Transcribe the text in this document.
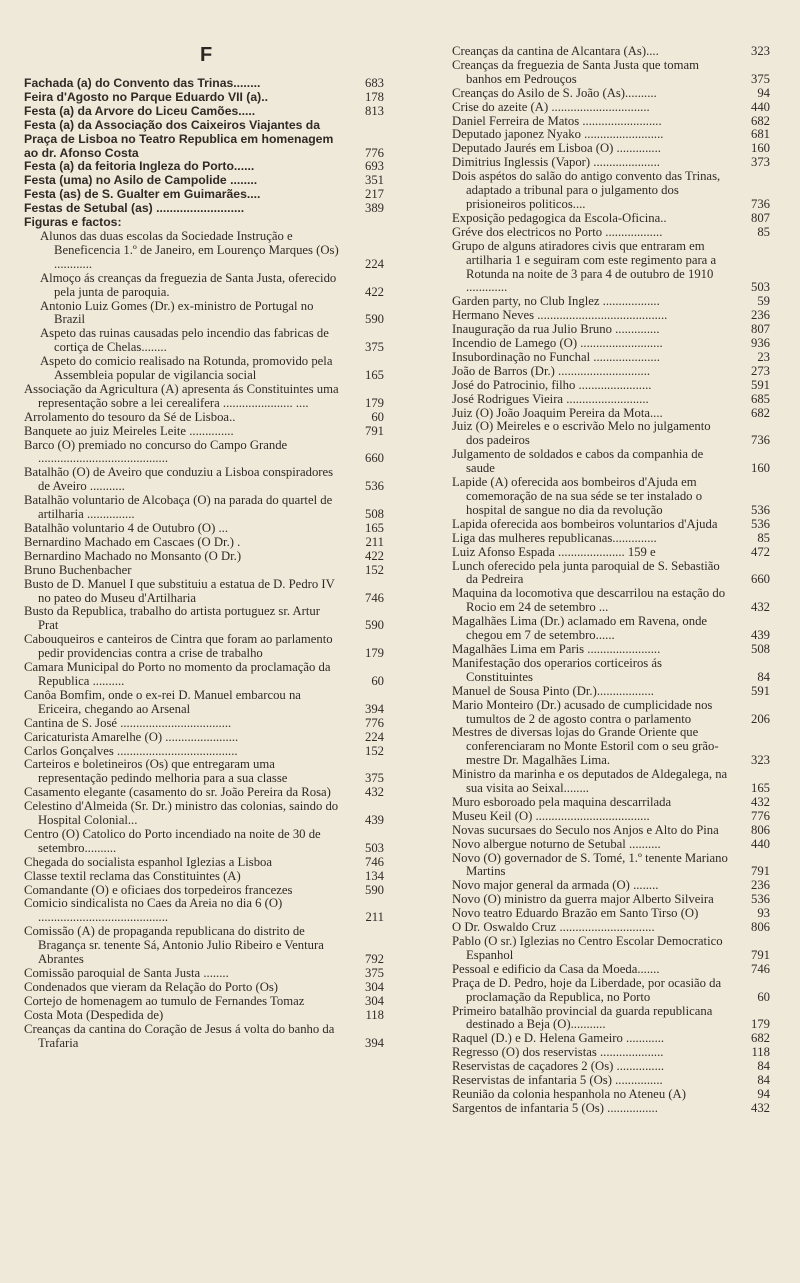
F
Fachada (a) do Convento das Trinas........	683
Feira d'Agosto no Parque Eduardo VII (a)..	178
Festa (a) da Arvore do Liceu Camões.....	813
Festa (a) da Associação dos Caixeiros Viajantes da Praça de Lisboa no Teatro Republica em homenagem ao dr. Afonso Costa	776
Festa (a) da feitoria Ingleza do Porto......	693
Festa (uma) no Asilo de Campolide ........	351
Festa (as) de S. Gualter em Guimarães....	217
Festas de Setubal (as) ..........................	389
Figuras e factos:
Alunos das duas escolas da Sociedade Instrução e Beneficencia 1.º de Janeiro, em Lourenço Marques (Os) ............	224
Almoço ás creanças da freguezia de Santa Justa, oferecido pela junta de paroquia.	422
Antonio Luiz Gomes (Dr.) ex-ministro de Portugal no Brazil	590
Aspeto das ruinas causadas pelo incendio das fabricas de cortiça de Chelas........	375
Aspeto do comicio realisado na Rotunda, promovido pela Assembleia popular de vigilancia social	165
Associação da Agricultura (A) apresenta ás Constituintes uma representação sobre a lei cerealifera ...................... ....	179
Arrolamento do tesouro da Sé de Lisboa..	60
Banquete ao juiz Meireles Leite ..............	791
Barco (O) premiado no concurso do Campo Grande .........................................	660
Batalhão (O) de Aveiro que conduziu a Lisboa conspiradores de Aveiro ...........	536
Batalhão voluntario de Alcobaça (O) na parada do quartel de artilharia ...............	508
Batalhão voluntario 4 de Outubro (O) ...	165
Bernardino Machado em Cascaes (O Dr.) .	211
Bernardino Machado no Monsanto (O Dr.)	422
Bruno Buchenbacher	152
Busto de D. Manuel I que substituiu a estatua de D. Pedro IV no pateo do Museu d'Artilharia	746
Busto da Republica, trabalho do artista portuguez sr. Artur Prat	590
Cabouqueiros e canteiros de Cintra que foram ao parlamento pedir providencias contra a crise de trabalho	179
Camara Municipal do Porto no momento da proclamação da Republica ..........	60
Canôa Bomfim, onde o ex-rei D. Manuel embarcou na Ericeira, chegando ao Arsenal	394
Cantina de S. José ...................................	776
Caricaturista Amarelhe (O) .......................	224
Carlos Gonçalves ......................................	152
Carteiros e boletineiros (Os) que entregaram uma representação pedindo melhoria para a sua classe	375
Casamento elegante (casamento do sr. João Pereira da Rosa)	432
Celestino d'Almeida (Sr. Dr.) ministro das colonias, saindo do Hospital Colonial...	439
Centro (O) Catolico do Porto incendiado na noite de 30 de setembro..........	503
Chegada do socialista espanhol Iglezias a Lisboa	746
Classe textil reclama das Constituintes (A)	134
Comandante (O) e oficiaes dos torpedeiros francezes	590
Comicio sindicalista no Caes da Areia no dia 6 (O) .........................................	211
Comissão (A) de propaganda republicana do distrito de Bragança sr. tenente Sá, Antonio Julio Ribeiro e Ventura Abrantes	792
Comissão paroquial de Santa Justa ........	375
Condenados que vieram da Relação do Porto (Os)	304
Cortejo de homenagem ao tumulo de Fernandes Tomaz	304
Costa Mota (Despedida de)	118
Creanças da cantina do Coração de Jesus á volta do banho da Trafaria	394
Creanças da cantina de Alcantara (As)....	323
Creanças da freguezia de Santa Justa que tomam banhos em Pedrouços	375
Creanças do Asilo de S. João (As)..........	94
Crise do azeite (A) ...............................	440
Daniel Ferreira de Matos .........................	682
Deputado japonez Nyako .........................	681
Deputado Jaurés em Lisboa (O) ..............	160
Dimitrius Inglessis (Vapor) .....................	373
Dois aspétos do salão do antigo convento das Trinas, adaptado a tribunal para o julgamento dos prisioneiros politicos....	736
Exposição pedagogica da Escola-Oficina..	807
Gréve dos electricos no Porto ..................	85
Grupo de alguns atiradores civis que entraram em artilharia 1 e seguiram com este regimento para a Rotunda na noite de 3 para 4 de outubro de 1910 .............	503
Garden party, no Club Inglez ..................	59
Hermano Neves .........................................	236
Inauguração da rua Julio Bruno ..............	807
Incendio de Lamego (O) ..........................	936
Insubordinação no Funchal .....................	23
João de Barros (Dr.) .............................	273
José do Patrocinio, filho .......................	591
José Rodrigues Vieira ..........................	685
Juiz (O) João Joaquim Pereira da Mota....	682
Juiz (O) Meireles e o escrivão Melo no julgamento dos padeiros	736
Julgamento de soldados e cabos da companhia de saude	160
Lapide (A) oferecida aos bombeiros d'Ajuda em comemoração de na sua séde se ter instalado o hospital de sangue no dia da revolução	536
Lapida oferecida aos bombeiros voluntarios d'Ajuda	536
Liga das mulheres republicanas..............	85
Luiz Afonso Espada ..................... 159 e	472
Lunch oferecido pela junta paroquial de S. Sebastião da Pedreira	660
Maquina da locomotiva que descarrilou na estação do Rocio em 24 de setembro ...	432
Magalhães Lima (Dr.) aclamado em Ravena, onde chegou em 7 de setembro......	439
Magalhães Lima em Paris .......................	508
Manifestação dos operarios corticeiros ás Constituintes	84
Manuel de Sousa Pinto (Dr.)..................	591
Mario Monteiro (Dr.) acusado de cumplicidade nos tumultos de 2 de agosto contra o parlamento	206
Mestres de diversas lojas do Grande Oriente que conferenciaram no Monte Estoril com o seu grão-mestre Dr. Magalhães Lima.	323
Ministro da marinha e os deputados de Aldegalega, na sua visita ao Seixal........	165
Muro esboroado pela maquina descarrilada	432
Museu Keil (O) ....................................	776
Novas sucursaes do Seculo nos Anjos e Alto do Pina	806
Novo albergue noturno de Setubal ..........	440
Novo (O) governador de S. Tomé, 1.º tenente Mariano Martins	791
Novo major general da armada (O) ........	236
Novo (O) ministro da guerra major Alberto Silveira	536
Novo teatro Eduardo Brazão em Santo Tirso (O)	93
O Dr. Oswaldo Cruz ..............................	806
Pablo (O sr.) Iglezias no Centro Escolar Democratico Espanhol	791
Pessoal e edificio da Casa da Moeda.......	746
Praça de D. Pedro, hoje da Liberdade, por ocasião da proclamação da Republica, no Porto	60
Primeiro batalhão provincial da guarda republicana destinado a Beja (O)...........	179
Raquel (D.) e D. Helena Gameiro ............	682
Regresso (O) dos reservistas ....................	118
Reservistas de caçadores 2 (Os) ...............	84
Reservistas de infantaria 5 (Os) ...............	84
Reunião da colonia hespanhola no Ateneu (A)	94
Sargentos de infantaria 5 (Os) ................	432
